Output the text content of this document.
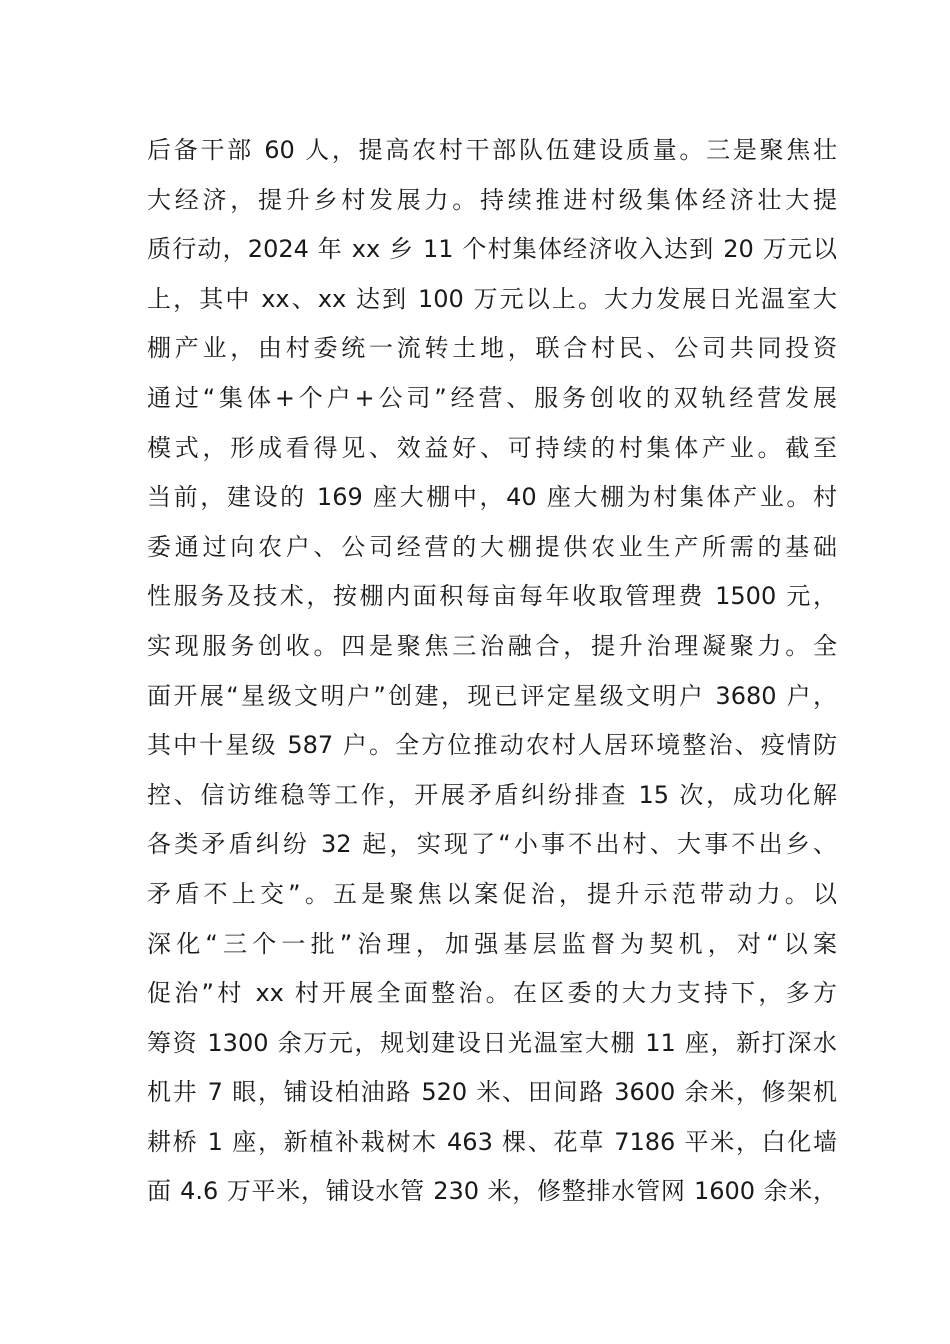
后备干部 60 人，提高农村干部队伍建设质量。三是聚焦壮
大经济，提升乡村发展力。持续推进村级集体经济壮大提
质行动，2024 年 xx 乡 11 个村集体经济收入达到 20 万元以
上，其中 xx、xx 达到 100 万元以上。大力发展日光温室大
棚产业，由村委统一流转土地，联合村民、公司共同投资
通过“集体+个户+公司”经营、服务创收的双轨经营发展
模式，形成看得见、效益好、可持续的村集体产业。截至
当前，建设的 169 座大棚中，40 座大棚为村集体产业。村
委通过向农户、公司经营的大棚提供农业生产所需的基础
性服务及技术，按棚内面积每亩每年收取管理费 1500 元，
实现服务创收。四是聚焦三治融合，提升治理凝聚力。全
面开展“星级文明户”创建，现已评定星级文明户 3680 户，
其中十星级 587 户。全方位推动农村人居环境整治、疫情防
控、信访维稳等工作，开展矛盾纠纷排查 15 次，成功化解
各类矛盾纠纷 32 起，实现了“小事不出村、大事不出乡、
矛盾不上交”。五是聚焦以案促治，提升示范带动力。以
深化“三个一批”治理，加强基层监督为契机，对“以案
促治”村 xx 村开展全面整治。在区委的大力支持下，多方
筹资 1300 余万元，规划建设日光温室大棚 11 座，新打深水
机井 7 眼，铺设柏油路 520 米、田间路 3600 余米，修架机
耕桥 1 座，新植补栽树木 463 棵、花草 7186 平米，白化墙
面 4.6 万平米，铺设水管 230 米，修整排水管网 1600 余米，
